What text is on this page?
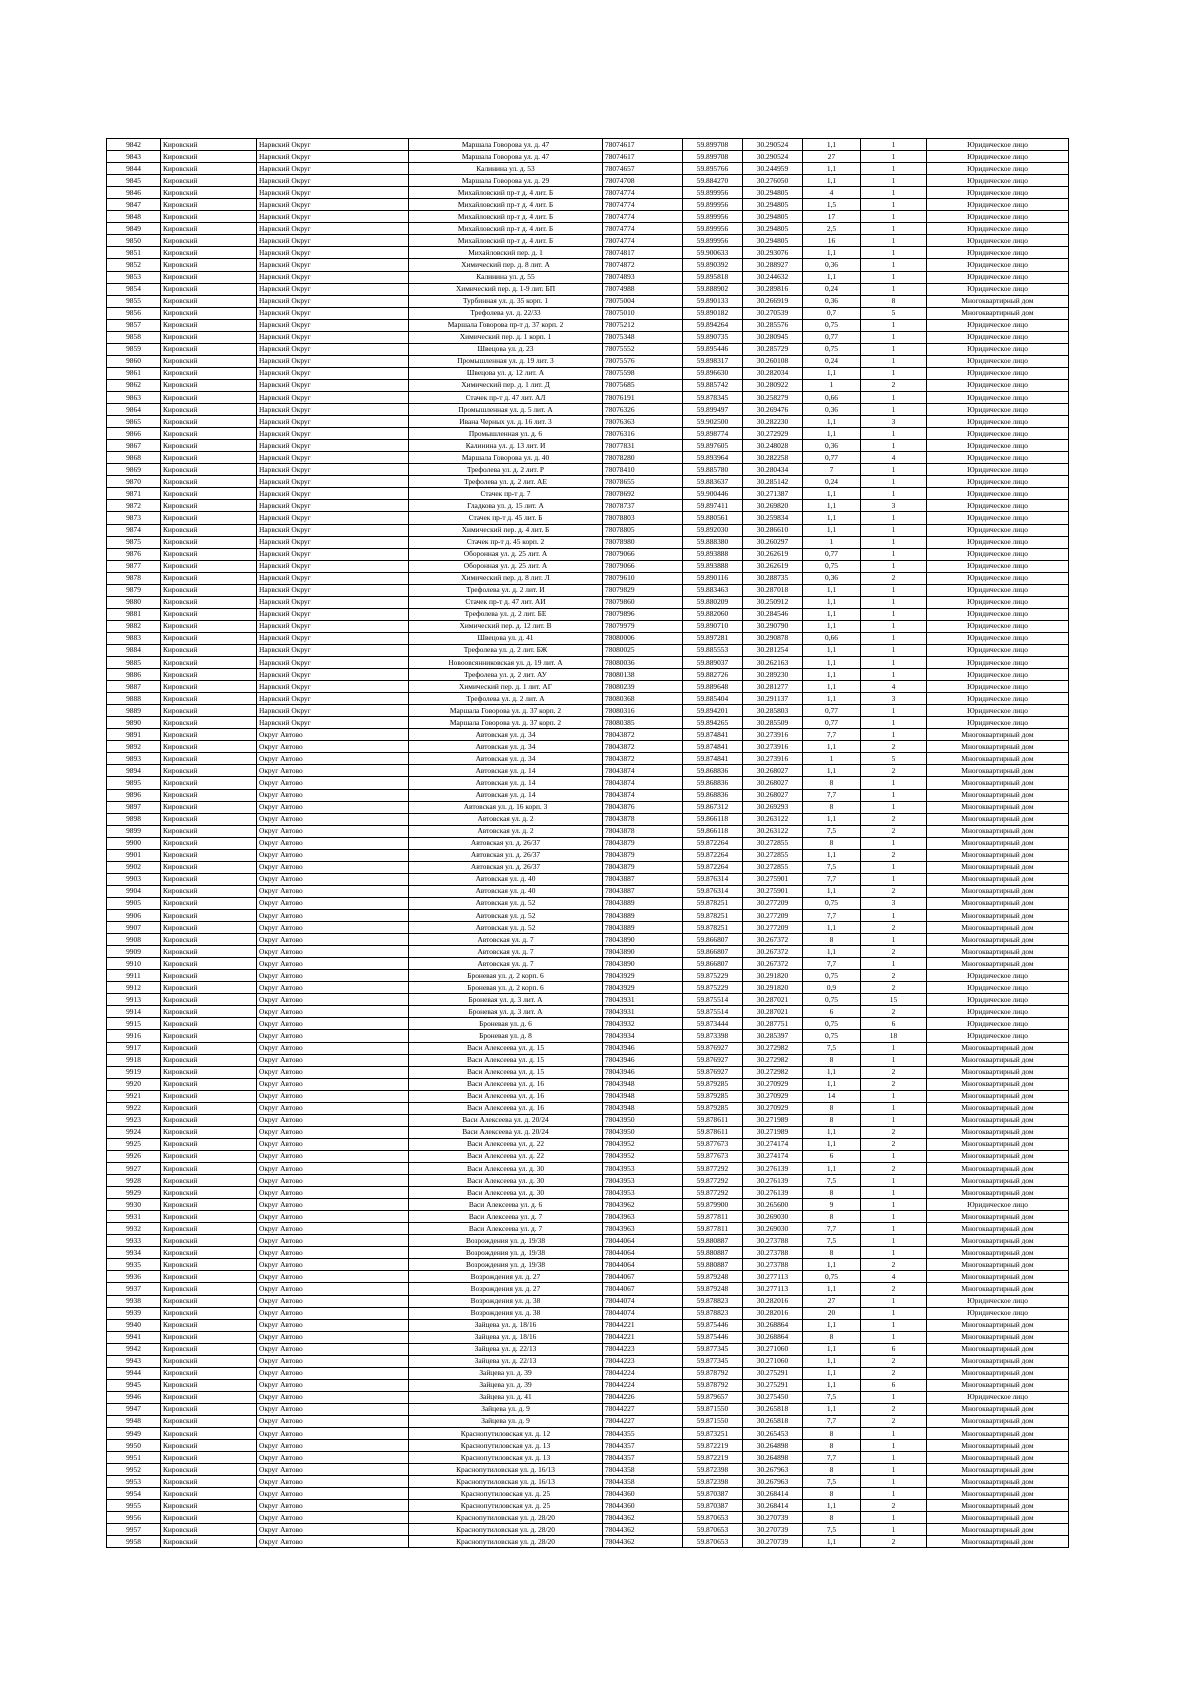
9842	Кировский	Нарвский Округ	Маршала Говорова ул. д. 47	78074617	59.899708	30.290524	1,1	1	Юридическое лицо
9843	Кировский	Нарвский Округ	Маршала Говорова ул. д. 47	78074617	59.899708	30.290524	27	1	Юридическое лицо
9844	Кировский	Нарвский Округ	Калинина ул. д. 53	78074657	59.895766	30.244959	1,1	1	Юридическое лицо
9845	Кировский	Нарвский Округ	Маршала Говорова ул. д. 29	78074708	59.884270	30.276050	1,1	1	Юридическое лицо
9846	Кировский	Нарвский Округ	Михайловский пр-т д. 4 лит. Б	78074774	59.899956	30.294805	4	1	Юридическое лицо
9847	Кировский	Нарвский Округ	Михайловский пр-т д. 4 лит. Б	78074774	59.899956	30.294805	1,5	1	Юридическое лицо
9848	Кировский	Нарвский Округ	Михайловский пр-т д. 4 лит. Б	78074774	59.899956	30.294805	17	1	Юридическое лицо
9849	Кировский	Нарвский Округ	Михайловский пр-т д. 4 лит. Б	78074774	59.899956	30.294805	2,5	1	Юридическое лицо
9850	Кировский	Нарвский Округ	Михайловский пр-т д. 4 лит. Б	78074774	59.899956	30.294805	16	1	Юридическое лицо
9851	Кировский	Нарвский Округ	Михайловский пер. д. 1	78074817	59.900633	30.293076	1,1	1	Юридическое лицо
9852	Кировский	Нарвский Округ	Химический пер. д. 8 лит. А	78074872	59.890392	30.288927	0,36	1	Юридическое лицо
9853	Кировский	Нарвский Округ	Калинина ул. д. 55	78074893	59.895818	30.244632	1,1	1	Юридическое лицо
9854	Кировский	Нарвский Округ	Химический пер. д. 1-9 лит. БП	78074988	59.888902	30.289816	0,24	1	Юридическое лицо
9855	Кировский	Нарвский Округ	Турбинная ул. д. 35 корп. 1	78075004	59.890133	30.266919	0,36	8	Многоквартирный дом
9856	Кировский	Нарвский Округ	Трефолева ул. д. 22/33	78075010	59.890182	30.270539	0,7	5	Многоквартирный дом
9857	Кировский	Нарвский Округ	Маршала Говорова пр-т д. 37 корп. 2	78075212	59.894264	30.285576	0,75	1	Юридическое лицо
9858	Кировский	Нарвский Округ	Химический пер. д. 1 корп. 1	78075348	59.890735	30.280945	0,77	1	Юридическое лицо
9859	Кировский	Нарвский Округ	Швецова ул. д. 23	78075552	59.895446	30.285729	0,75	1	Юридическое лицо
9860	Кировский	Нарвский Округ	Промышленная ул. д. 19 лит. 3	78075576	59.898317	30.260108	0,24	1	Юридическое лицо
9861	Кировский	Нарвский Округ	Швецова ул. д. 12 лит. А	78075598	59.896630	30.282034	1,1	1	Юридическое лицо
9862	Кировский	Нарвский Округ	Химический пер. д. 1 лит. Д	78075685	59.885742	30.280922	1	2	Юридическое лицо
9863	Кировский	Нарвский Округ	Стачек пр-т д. 47 лит. АЛ	78076191	59.878345	30.258279	0,66	1	Юридическое лицо
9864	Кировский	Нарвский Округ	Промышленная ул. д. 5 лит. А	78076326	59.899497	30.269476	0,36	1	Юридическое лицо
9865	Кировский	Нарвский Округ	Ивана Черных ул. д. 16 лит. 3	78076363	59.902500	30.282230	1,1	3	Юридическое лицо
9866	Кировский	Нарвский Округ	Промышленная ул. д. 6	78076316	59.898774	30.272929	1,1	1	Юридическое лицо
9867	Кировский	Нарвский Округ	Калинина ул. д. 13 лит. И	78077831	59.897605	30.248028	0,36	1	Юридическое лицо
9868	Кировский	Нарвский Округ	Маршала Говорова ул. д. 40	78078280	59.893964	30.282258	0,77	4	Юридическое лицо
9869	Кировский	Нарвский Округ	Трефолева ул. д. 2 лит. Р	78078410	59.885780	30.280434	7	1	Юридическое лицо
9870	Кировский	Нарвский Округ	Трефолева ул. д. 2 лит. АЕ	78078655	59.883637	30.285142	0,24	1	Юридическое лицо
9871	Кировский	Нарвский Округ	Стачек пр-т д. 7	78078692	59.900446	30.271387	1,1	1	Юридическое лицо
9872	Кировский	Нарвский Округ	Гладкова ул. д. 15 лит. А	78078737	59.897411	30.269820	1,1	3	Юридическое лицо
9873	Кировский	Нарвский Округ	Стачек пр-т д. 45 лит. Б	78078803	59.880561	30.259834	1,1	1	Юридическое лицо
9874	Кировский	Нарвский Округ	Химический пер. д. 4 лит. Б	78078805	59.892030	30.286610	1,1	1	Юридическое лицо
9875	Кировский	Нарвский Округ	Стачек пр-т д. 45 корп. 2	78078980	59.888380	30.260297	1	1	Юридическое лицо
9876	Кировский	Нарвский Округ	Оборонная ул. д. 25 лит. А	78079066	59.893888	30.262619	0,77	1	Юридическое лицо
9877	Кировский	Нарвский Округ	Оборонная ул. д. 25 лит. А	78079066	59.893888	30.262619	0,75	1	Юридическое лицо
9878	Кировский	Нарвский Округ	Химический пер. д. 8 лит. Л	78079610	59.890116	30.288735	0,36	2	Юридическое лицо
9879	Кировский	Нарвский Округ	Трефолева ул. д. 2 лит. И	78079829	59.883463	30.287018	1,1	1	Юридическое лицо
9880	Кировский	Нарвский Округ	Стачек пр-т д. 47 лит. АИ	78079860	59.880209	30.250912	1,1	1	Юридическое лицо
9881	Кировский	Нарвский Округ	Трефолева ул. д. 2 лит. БЕ	78079896	59.882060	30.284546	1,1	1	Юридическое лицо
9882	Кировский	Нарвский Округ	Химический пер. д. 12 лит. В	78079979	59.890710	30.290790	1,1	1	Юридическое лицо
9883	Кировский	Нарвский Округ	Швецова ул. д. 41	78080006	59.897281	30.290878	0,66	1	Юридическое лицо
9884	Кировский	Нарвский Округ	Трефолева ул. д. 2 лит. БЖ	78080025	59.885553	30.281254	1,1	1	Юридическое лицо
9885	Кировский	Нарвский Округ	Новоовсянниковская ул. д. 19 лит. А	78080036	59.889037	30.262163	1,1	1	Юридическое лицо
9886	Кировский	Нарвский Округ	Трефолева ул. д. 2 лит. АУ	78080138	59.882726	30.289230	1,1	1	Юридическое лицо
9887	Кировский	Нарвский Округ	Химический пер. д. 1 лит. АГ	78080239	59.889648	30.281277	1,1	4	Юридическое лицо
9888	Кировский	Нарвский Округ	Трефолева ул. д. 2 лит. А	78080368	59.885404	30.291137	1,1	3	Юридическое лицо
9889	Кировский	Нарвский Округ	Маршала Говорова ул. д. 37 корп. 2	78080316	59.894201	30.285803	0,77	1	Юридическое лицо
9890	Кировский	Нарвский Округ	Маршала Говорова ул. д. 37 корп. 2	78080385	59.894265	30.285509	0,77	1	Юридическое лицо
9891	Кировский	Округ Автово	Автовская ул. д. 34	78043872	59.874841	30.273916	7,7	1	Многоквартирный дом
9892	Кировский	Округ Автово	Автовская ул. д. 34	78043872	59.874841	30.273916	1,1	2	Многоквартирный дом
9893	Кировский	Округ Автово	Автовская ул. д. 34	78043872	59.874841	30.273916	1	5	Многоквартирный дом
9894	Кировский	Округ Автово	Автовская ул. д. 14	78043874	59.868836	30.268027	1,1	2	Многоквартирный дом
9895	Кировский	Округ Автово	Автовская ул. д. 14	78043874	59.868836	30.268027	8	1	Многоквартирный дом
9896	Кировский	Округ Автово	Автовская ул. д. 14	78043874	59.868836	30.268027	7,7	1	Многоквартирный дом
9897	Кировский	Округ Автово	Автовская ул. д. 16 корп. 3	78043876	59.867312	30.269293	8	1	Многоквартирный дом
9898	Кировский	Округ Автово	Автовская ул. д. 2	78043878	59.866118	30.263122	1,1	2	Многоквартирный дом
9899	Кировский	Округ Автово	Автовская ул. д. 2	78043878	59.866118	30.263122	7,5	2	Многоквартирный дом
9900	Кировский	Округ Автово	Автовская ул. д. 26/37	78043879	59.872264	30.272855	8	1	Многоквартирный дом
9901	Кировский	Округ Автово	Автовская ул. д. 26/37	78043879	59.872264	30.272855	1,1	2	Многоквартирный дом
9902	Кировский	Округ Автово	Автовская ул. д. 26/37	78043879	59.872264	30.272855	7,5	1	Многоквартирный дом
9903	Кировский	Округ Автово	Автовская ул. д. 40	78043887	59.876314	30.275901	7,7	1	Многоквартирный дом
9904	Кировский	Округ Автово	Автовская ул. д. 40	78043887	59.876314	30.275901	1,1	2	Многоквартирный дом
9905	Кировский	Округ Автово	Автовская ул. д. 52	78043889	59.878251	30.277209	0,75	3	Многоквартирный дом
9906	Кировский	Округ Автово	Автовская ул. д. 52	78043889	59.878251	30.277209	7,7	1	Многоквартирный дом
9907	Кировский	Округ Автово	Автовская ул. д. 52	78043889	59.878251	30.277209	1,1	2	Многоквартирный дом
9908	Кировский	Округ Автово	Автовская ул. д. 7	78043890	59.866807	30.267372	8	1	Многоквартирный дом
9909	Кировский	Округ Автово	Автовская ул. д. 7	78043890	59.866807	30.267372	1,1	2	Многоквартирный дом
9910	Кировский	Округ Автово	Автовская ул. д. 7	78043890	59.866807	30.267372	7,7	1	Многоквартирный дом
9911	Кировский	Округ Автово	Броневая ул. д. 2 корп. 6	78043929	59.875229	30.291820	0,75	2	Юридическое лицо
9912	Кировский	Округ Автово	Броневая ул. д. 2 корп. 6	78043929	59.875229	30.291820	0,9	2	Юридическое лицо
9913	Кировский	Округ Автово	Броневая ул. д. 3 лит. А	78043931	59.875514	30.287021	0,75	15	Юридическое лицо
9914	Кировский	Округ Автово	Броневая ул. д. 3 лит. А	78043931	59.875514	30.287021	6	2	Юридическое лицо
9915	Кировский	Округ Автово	Броневая ул. д. 6	78043932	59.873444	30.287751	0,75	6	Юридическое лицо
9916	Кировский	Округ Автово	Броневая ул. д. 8	78043934	59.873398	30.285397	0,75	18	Юридическое лицо
9917	Кировский	Округ Автово	Васи Алексеева ул. д. 15	78043946	59.876927	30.272982	7,5	1	Многоквартирный дом
9918	Кировский	Округ Автово	Васи Алексеева ул. д. 15	78043946	59.876927	30.272982	8	1	Многоквартирный дом
9919	Кировский	Округ Автово	Васи Алексеева ул. д. 15	78043946	59.876927	30.272982	1,1	2	Многоквартирный дом
9920	Кировский	Округ Автово	Васи Алексеева ул. д. 16	78043948	59.879285	30.270929	1,1	2	Многоквартирный дом
9921	Кировский	Округ Автово	Васи Алексеева ул. д. 16	78043948	59.879285	30.270929	14	1	Многоквартирный дом
9922	Кировский	Округ Автово	Васи Алексеева ул. д. 16	78043948	59.879285	30.270929	8	1	Многоквартирный дом
9923	Кировский	Округ Автово	Васи Алексеева ул. д. 20/24	78043950	59.878611	30.271989	8	1	Многоквартирный дом
9924	Кировский	Округ Автово	Васи Алексеева ул. д. 20/24	78043950	59.878611	30.271989	1,1	2	Многоквартирный дом
9925	Кировский	Округ Автово	Васи Алексеева ул. д. 22	78043952	59.877673	30.274174	1,1	2	Многоквартирный дом
9926	Кировский	Округ Автово	Васи Алексеева ул. д. 22	78043952	59.877673	30.274174	6	1	Многоквартирный дом
9927	Кировский	Округ Автово	Васи Алексеева ул. д. 30	78043953	59.877292	30.276139	1,1	2	Многоквартирный дом
9928	Кировский	Округ Автово	Васи Алексеева ул. д. 30	78043953	59.877292	30.276139	7,5	1	Многоквартирный дом
9929	Кировский	Округ Автово	Васи Алексеева ул. д. 30	78043953	59.877292	30.276139	8	1	Многоквартирный дом
9930	Кировский	Округ Автово	Васи Алексеева ул. д. 6	78043962	59.879900	30.265600	9	1	Юридическое лицо
9931	Кировский	Округ Автово	Васи Алексеева ул. д. 7	78043963	59.877811	30.269030	8	1	Многоквартирный дом
9932	Кировский	Округ Автово	Васи Алексеева ул. д. 7	78043963	59.877811	30.269030	7,7	1	Многоквартирный дом
9933	Кировский	Округ Автово	Возрождения ул. д. 19/38	78044064	59.880887	30.273788	7,5	1	Многоквартирный дом
9934	Кировский	Округ Автово	Возрождения ул. д. 19/38	78044064	59.880887	30.273788	8	1	Многоквартирный дом
9935	Кировский	Округ Автово	Возрождения ул. д. 19/38	78044064	59.880887	30.273788	1,1	2	Многоквартирный дом
9936	Кировский	Округ Автово	Возрождения ул. д. 27	78044067	59.879248	30.277113	0,75	4	Многоквартирный дом
9937	Кировский	Округ Автово	Возрождения ул. д. 27	78044067	59.879248	30.277113	1,1	2	Многоквартирный дом
9938	Кировский	Округ Автово	Возрождения ул. д. 38	78044074	59.878823	30.282016	27	1	Юридическое лицо
9939	Кировский	Округ Автово	Возрождения ул. д. 38	78044074	59.878823	30.282016	20	1	Юридическое лицо
9940	Кировский	Округ Автово	Зайцева ул. д. 18/16	78044221	59.875446	30.268864	1,1	1	Многоквартирный дом
9941	Кировский	Округ Автово	Зайцева ул. д. 18/16	78044221	59.875446	30.268864	8	1	Многоквартирный дом
9942	Кировский	Округ Автово	Зайцева ул. д. 22/13	78044223	59.877345	30.271060	1,1	6	Многоквартирный дом
9943	Кировский	Округ Автово	Зайцева ул. д. 22/13	78044223	59.877345	30.271060	1,1	2	Многоквартирный дом
9944	Кировский	Округ Автово	Зайцева ул. д. 39	78044224	59.878792	30.275291	1,1	2	Многоквартирный дом
9945	Кировский	Округ Автово	Зайцева ул. д. 39	78044224	59.878792	30.275291	1,1	6	Многоквартирный дом
9946	Кировский	Округ Автово	Зайцева ул. д. 41	78044226	59.879657	30.275450	7,5	1	Юридическое лицо
9947	Кировский	Округ Автово	Зайцева ул. д. 9	78044227	59.871550	30.265818	1,1	2	Многоквартирный дом
9948	Кировский	Округ Автово	Зайцева ул. д. 9	78044227	59.871550	30.265818	7,7	2	Многоквартирный дом
9949	Кировский	Округ Автово	Краснопутиловская ул. д. 12	78044355	59.873251	30.265453	8	1	Многоквартирный дом
9950	Кировский	Округ Автово	Краснопутиловская ул. д. 13	78044357	59.872219	30.264898	8	1	Многоквартирный дом
9951	Кировский	Округ Автово	Краснопутиловская ул. д. 13	78044357	59.872219	30.264898	7,7	1	Многоквартирный дом
9952	Кировский	Округ Автово	Краснопутиловская ул. д. 16/13	78044358	59.872398	30.267963	8	1	Многоквартирный дом
9953	Кировский	Округ Автово	Краснопутиловская ул. д. 16/13	78044358	59.872398	30.267963	7,5	1	Многоквартирный дом
9954	Кировский	Округ Автово	Краснопутиловская ул. д. 25	78044360	59.870387	30.268414	8	1	Многоквартирный дом
9955	Кировский	Округ Автово	Краснопутиловская ул. д. 25	78044360	59.870387	30.268414	1,1	2	Многоквартирный дом
9956	Кировский	Округ Автово	Краснопутиловская ул. д. 28/20	78044362	59.870653	30.270739	8	1	Многоквартирный дом
9957	Кировский	Округ Автово	Краснопутиловская ул. д. 28/20	78044362	59.870653	30.270739	7,5	1	Многоквартирный дом
9958	Кировский	Округ Автово	Краснопутиловская ул. д. 28/20	78044362	59.870653	30.270739	1,1	2	Многоквартирный дом
